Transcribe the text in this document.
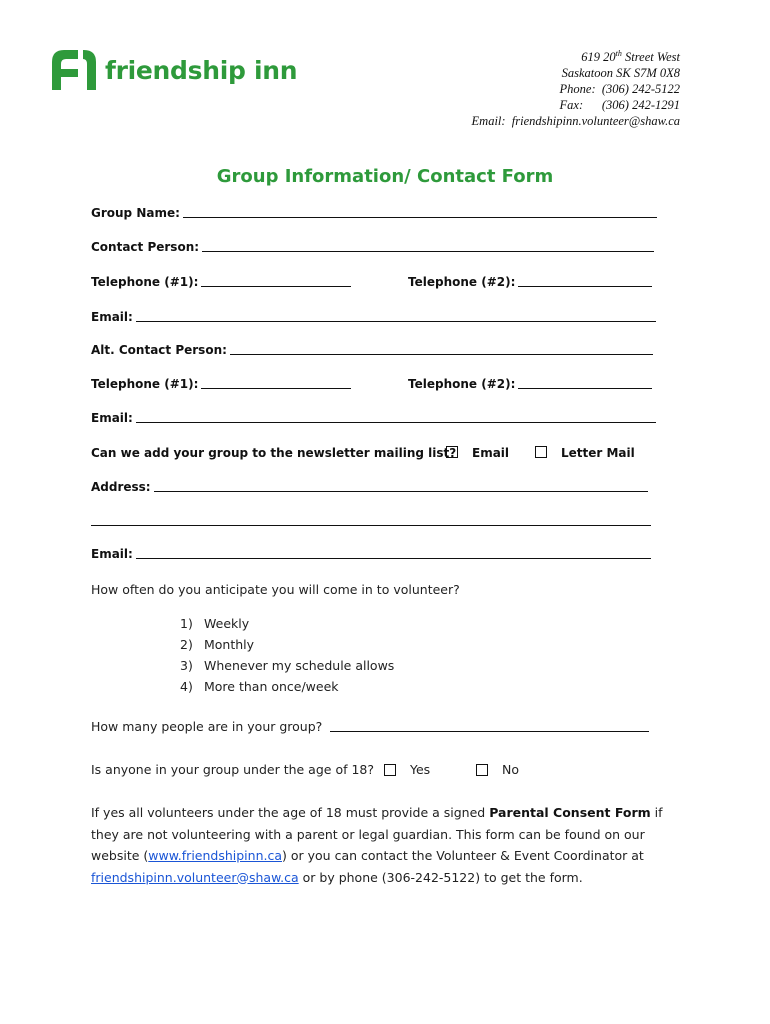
friendship inn	619 20th Street West
Saskatoon SK S7M 0X8
Phone:  (306) 242-5122
Fax:      (306) 242-1291
Email:  friendshipinn.volunteer@shaw.ca
Group Information/ Contact Form
Group Name:
Contact Person:
Telephone (#1):	Telephone (#2):
Email:
Alt. Contact Person:
Telephone (#1):	Telephone (#2):
Email:
Can we add your group to the newsletter mailing list? Email	Letter Mail
Address:
Email:
How often do you anticipate you will come in to volunteer?
1) Weekly
2) Monthly
3) Whenever my schedule allows
4) More than once/week
How many people are in your group?
Is anyone in your group under the age of 18?	Yes	No
If yes all volunteers under the age of 18 must provide a signed Parental Consent Form if they are not volunteering with a parent or legal guardian. This form can be found on our website (www.friendshipinn.ca) or you can contact the Volunteer & Event Coordinator at friendshipinn.volunteer@shaw.ca or by phone (306-242-5122) to get the form.
